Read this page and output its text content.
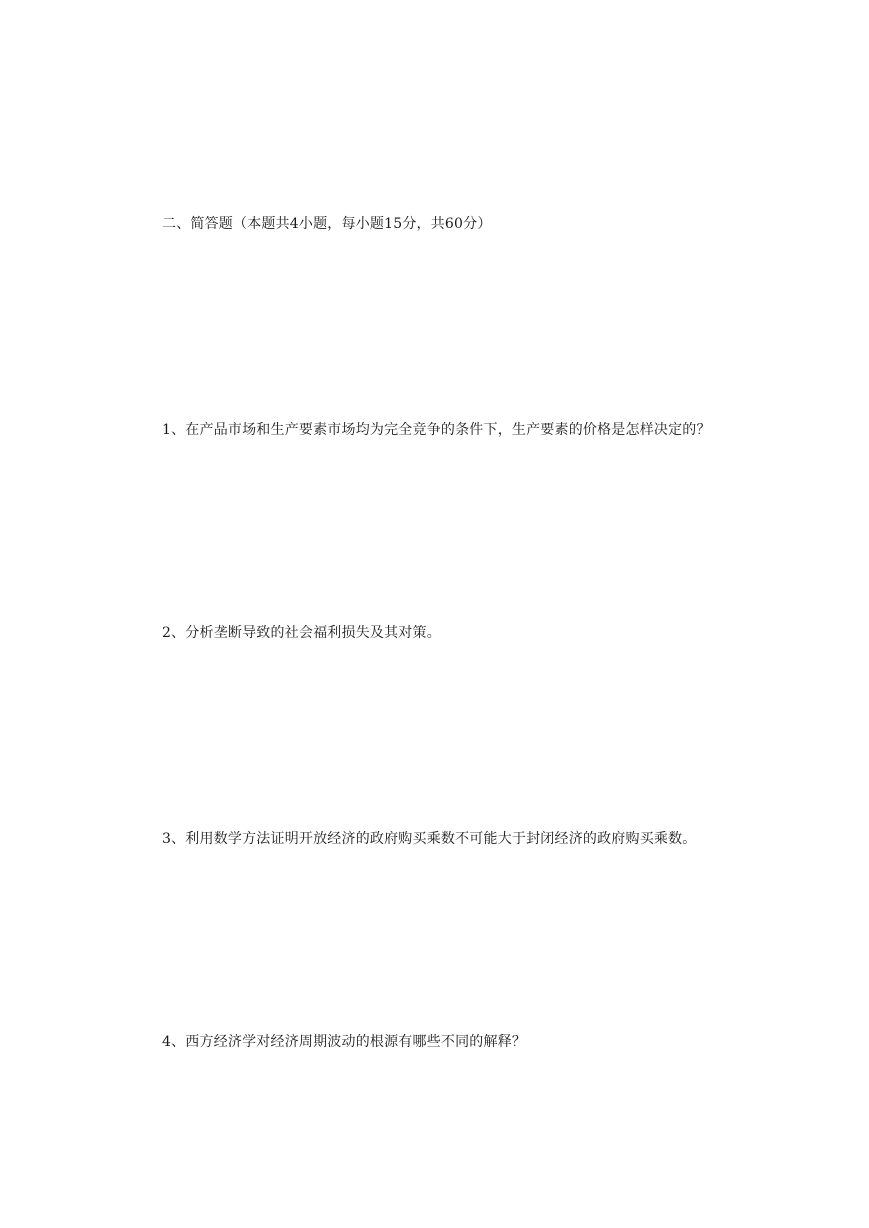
二、简答题（本题共4小题，每小题15分，共60分）
1、在产品市场和生产要素市场均为完全竞争的条件下，生产要素的价格是怎样决定的？
2、分析垄断导致的社会福利损失及其对策。
3、利用数学方法证明开放经济的政府购买乘数不可能大于封闭经济的政府购买乘数。
4、西方经济学对经济周期波动的根源有哪些不同的解释？
